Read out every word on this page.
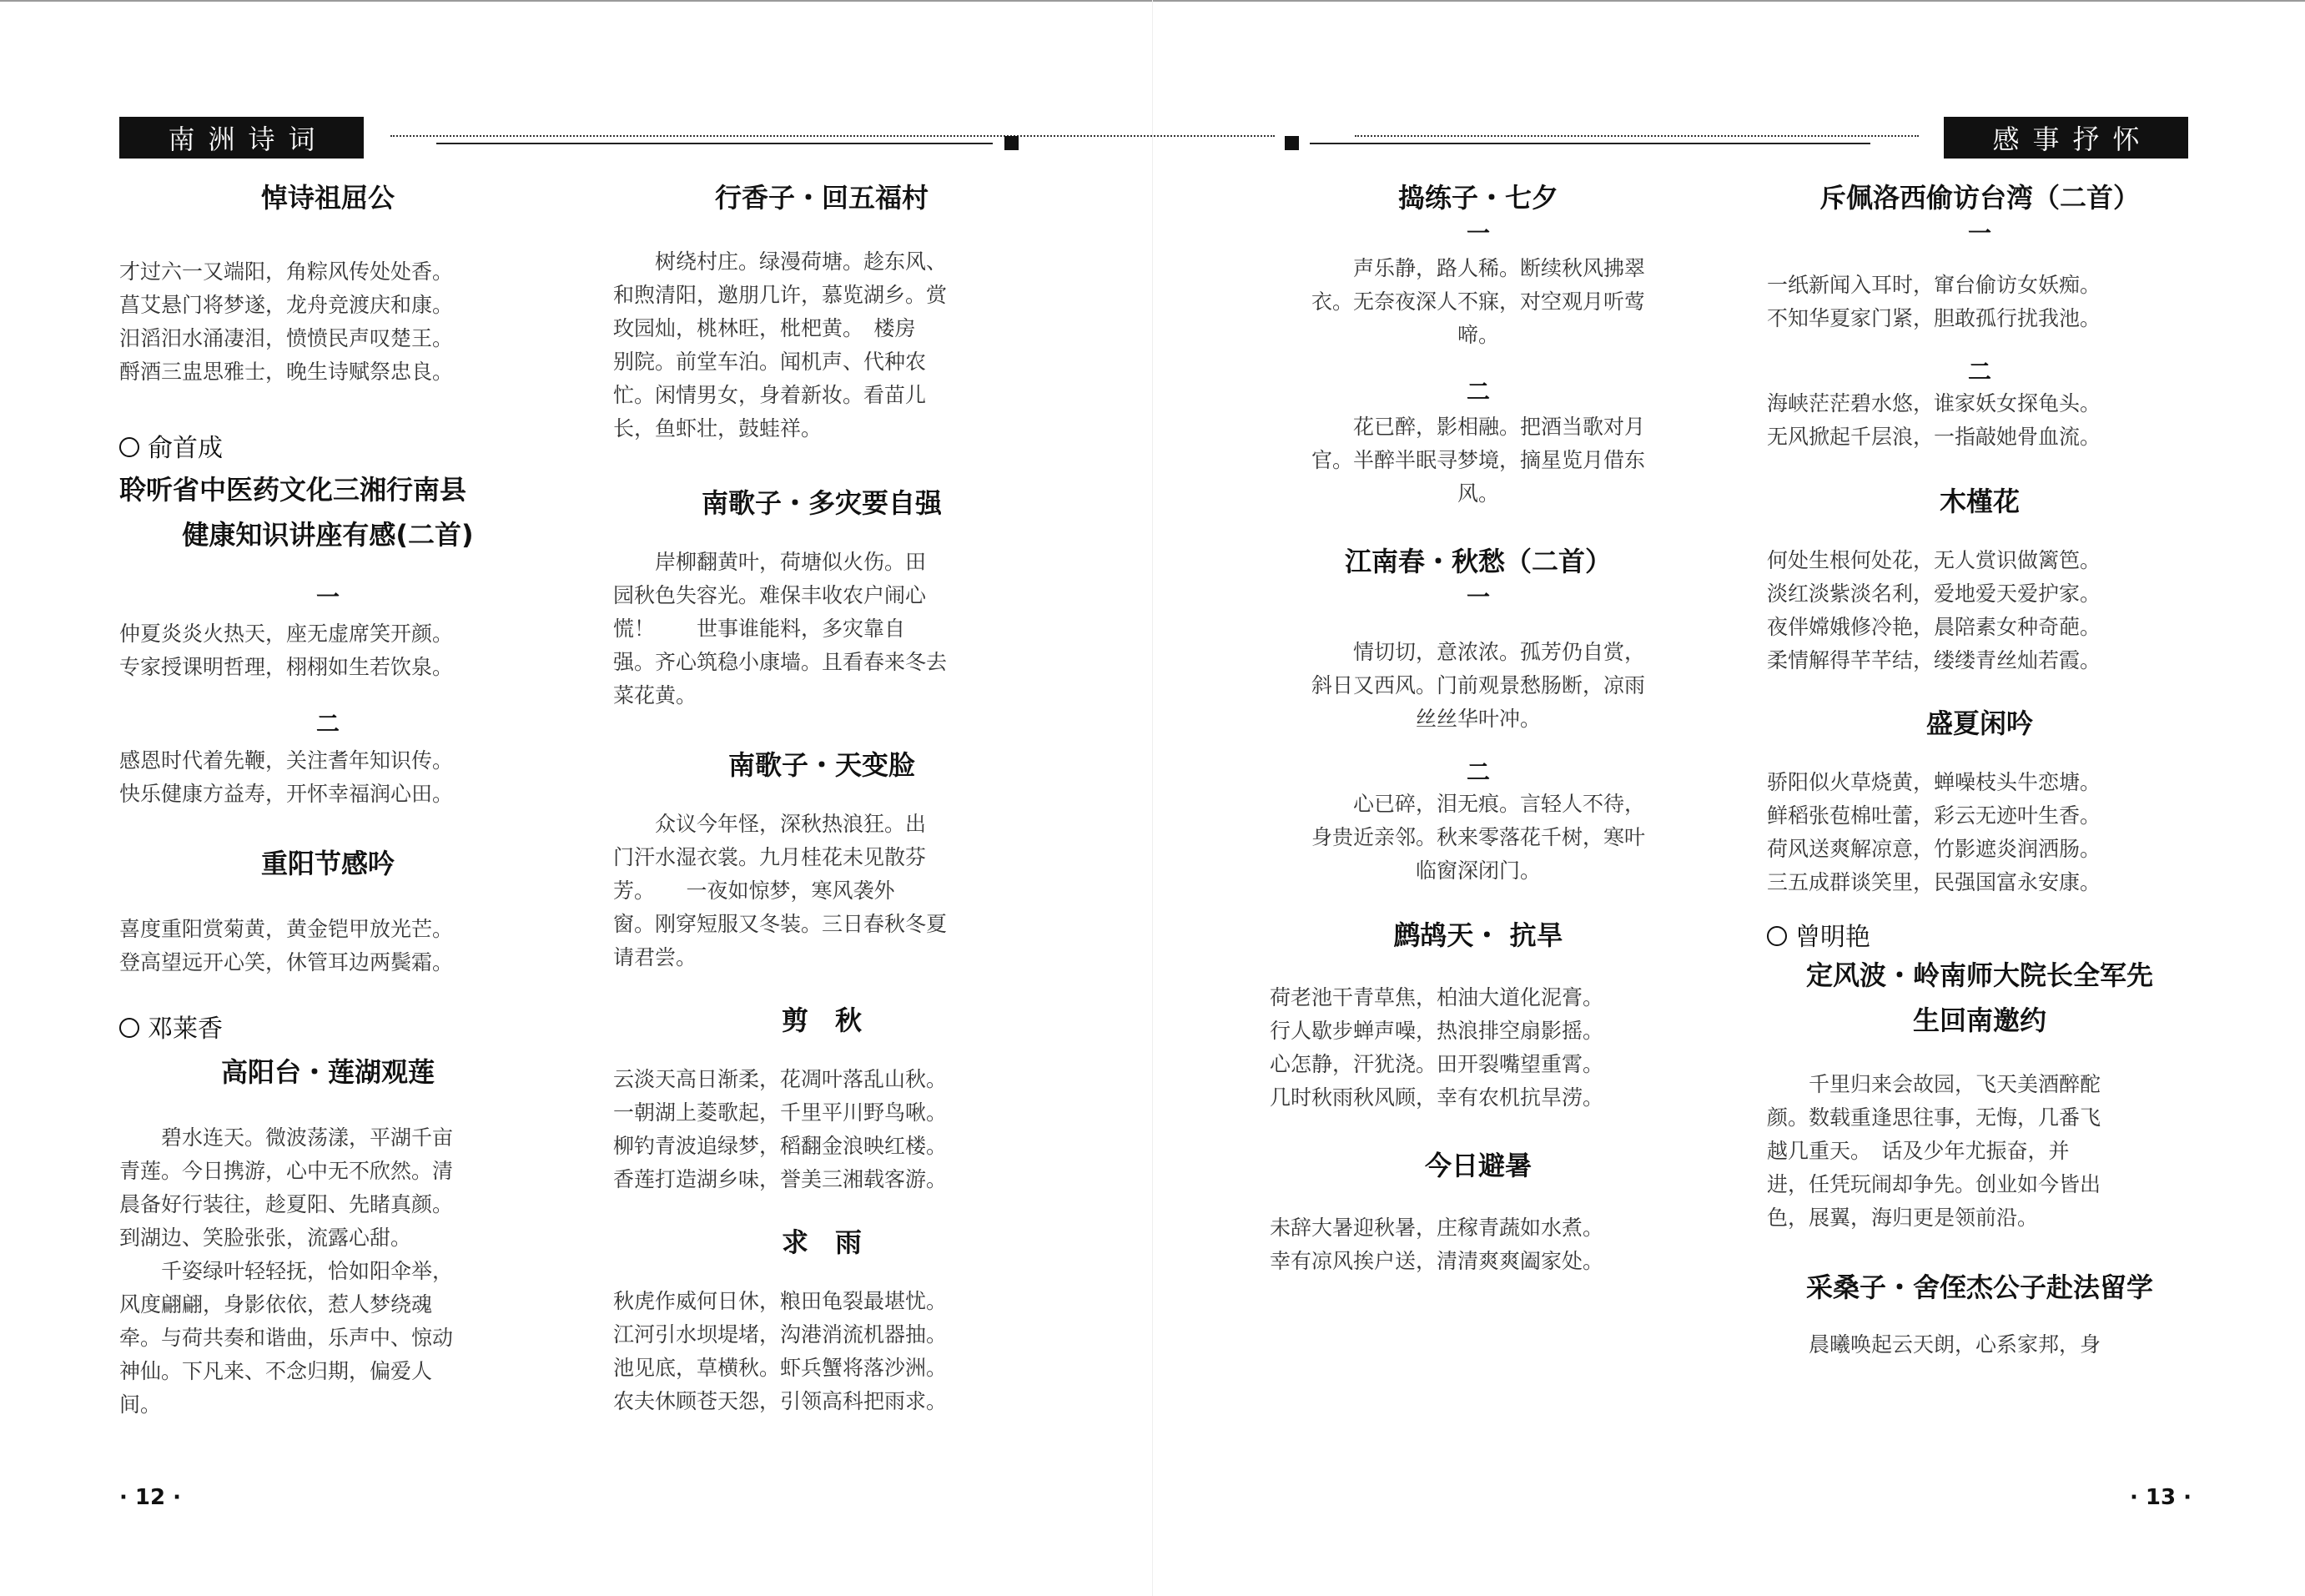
南洲诗词	感事抒怀
悼诗祖屈公

才过六一又端阳，角粽风传处处香。
菖艾悬门将梦遂，龙舟竞渡庆和康。
汨滔汨水涌凄泪，愤愤民声叹楚王。
酹酒三盅思雅士，晚生诗赋祭忠良。

俞首成

聆听省中医药文化三湘行南县

健康知识讲座有感(二首)

一

仲夏炎炎火热天，座无虚席笑开颜。
专家授课明哲理，栩栩如生若饮泉。

二

感恩时代着先鞭，关注耆年知识传。
快乐健康方益寿，开怀幸福润心田。

重阳节感吟

喜度重阳赏菊黄，黄金铠甲放光芒。
登高望远开心笑，休管耳边两鬓霜。

邓莱香

高阳台・莲湖观莲

　　碧水连天。微波荡漾，平湖千亩
青莲。今日携游，心中无不欣然。清
晨备好行装往，趁夏阳、先睹真颜。
到湖边、笑脸张张，流露心甜。
　　千姿绿叶轻轻抚，恰如阳伞举，
风度翩翩，身影依依，惹人梦绕魂
牵。与荷共奏和谐曲，乐声中、惊动
神仙。下凡来、不念归期，偏爱人
间。

行香子・回五福村

　　树绕村庄。绿漫荷塘。趁东风、
和煦清阳，邀朋几许，慕览湖乡。赏
玫园灿，桃林旺，枇杷黄。　楼房
别院。前堂车泊。闻机声、代种农
忙。闲情男女，身着新妆。看苗儿
长，鱼虾壮，鼓蛙祥。

南歌子・多灾要自强

　　岸柳翻黄叶，荷塘似火伤。田
园秋色失容光。难保丰收农户闹心
慌！　　世事谁能料，多灾靠自
强。齐心筑稳小康墙。且看春来冬去
菜花黄。

南歌子・天变脸

　　众议今年怪，深秋热浪狂。出
门汗水湿衣裳。九月桂花未见散芬
芳。　　一夜如惊梦，寒风袭外
窗。刚穿短服又冬装。三日春秋冬夏
请君尝。

剪　秋

云淡天高日渐柔，花凋叶落乱山秋。
一朝湖上菱歌起，千里平川野鸟啾。
柳钓青波追绿梦，稻翻金浪映红楼。
香莲打造湖乡味，誉美三湘载客游。

求　雨

秋虎作威何日休，粮田龟裂最堪忧。
江河引水坝堤堵，沟港消流机器抽。
池见底，草横秋。虾兵蟹将落沙洲。
农夫休顾苍天怨，引领高科把雨求。

捣练子・七夕

一

　　声乐静，路人稀。断续秋风拂翠
衣。无奈夜深人不寐，对空观月听莺
啼。

二

　　花已醉，影相融。把酒当歌对月
官。半醉半眠寻梦境，摘星览月借东
风。

江南春・秋愁（二首）

一

　　情切切，意浓浓。孤芳仍自赏，
斜日又西风。门前观景愁肠断，凉雨
丝丝华叶冲。

二

　　心已碎，泪无痕。言轻人不待，
身贵近亲邻。秋来零落花千树，寒叶
临窗深闭门。

鹧鸪天・ 抗旱

荷老池干青草焦，柏油大道化泥膏。
行人歇步蝉声噪，热浪排空扇影摇。
心怎静，汗犹浇。田开裂嘴望重霄。
几时秋雨秋风顾，幸有农机抗旱涝。

今日避暑

未辞大暑迎秋暑，庄稼青蔬如水煮。
幸有凉风挨户送，清清爽爽阖家处。

斥佩洛西偷访台湾（二首）

一

一纸新闻入耳时，窜台偷访女妖痴。
不知华夏家门紧，胆敢孤行扰我池。

二

海峡茫茫碧水悠，谁家妖女探龟头。
无风掀起千层浪，一指敲她骨血流。

木槿花

何处生根何处花，无人赏识做篱笆。
淡红淡紫淡名利，爱地爱天爱护家。
夜伴嫦娥修冷艳，晨陪素女种奇葩。
柔情解得芊芊结，缕缕青丝灿若霞。

盛夏闲吟

骄阳似火草烧黄，蝉噪枝头牛恋塘。
鲜稻张苞棉吐蕾，彩云无迹叶生香。
荷风送爽解凉意，竹影遮炎润洒肠。
三五成群谈笑里，民强国富永安康。

曾明艳

定风波・岭南师大院长全军先

生回南邀约

　　千里归来会故园，飞天美酒醉酡
颜。数载重逢思往事，无悔，几番飞
越几重天。　话及少年尤振奋，并
进，任凭玩闹却争先。创业如今皆出
色，展翼，海归更是领前沿。

采桑子・舍侄杰公子赴法留学

　　晨曦唤起云天朗，心系家邦，身

· 12 ·	· 13 ·
